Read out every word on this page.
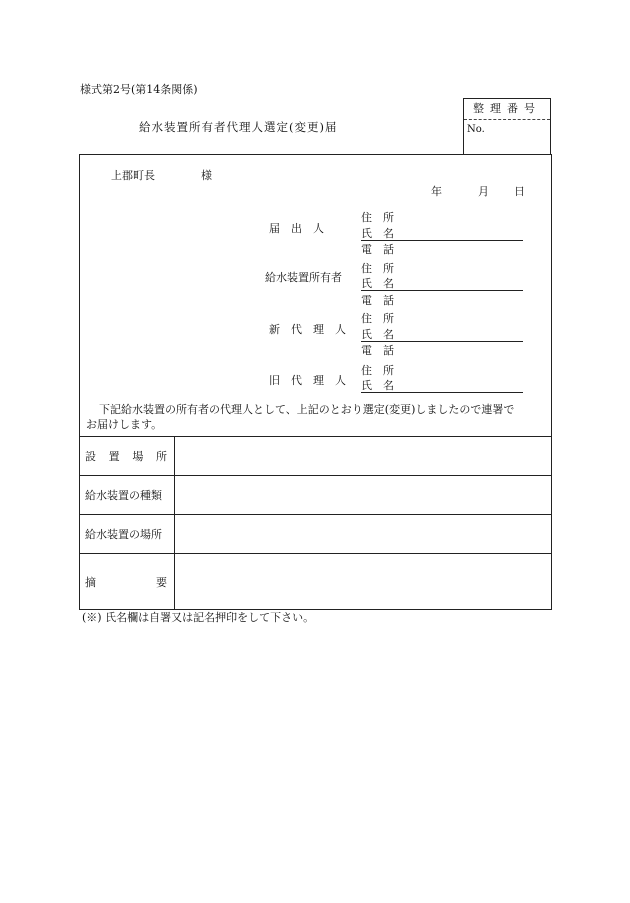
様式第2号(第14条関係)
給水装置所有者代理人選定(変更)届
整理番号
No.
上郡町長	様
年	月 日
届　出　人
住　所
氏　名
電　話
給水装置所有者
住　所
氏　名
電　話
新　代　理　人
住　所
氏　名
電　話
旧　代　理　人
住　所
氏　名
下記給水装置の所有者の代理人として、上記のとおり選定(変更)しましたので連署で
お届けします。
設 置 場 所
給水装置の種類
給水装置の場所
摘	要
(※) 氏名欄は自署又は記名押印をして下さい。
